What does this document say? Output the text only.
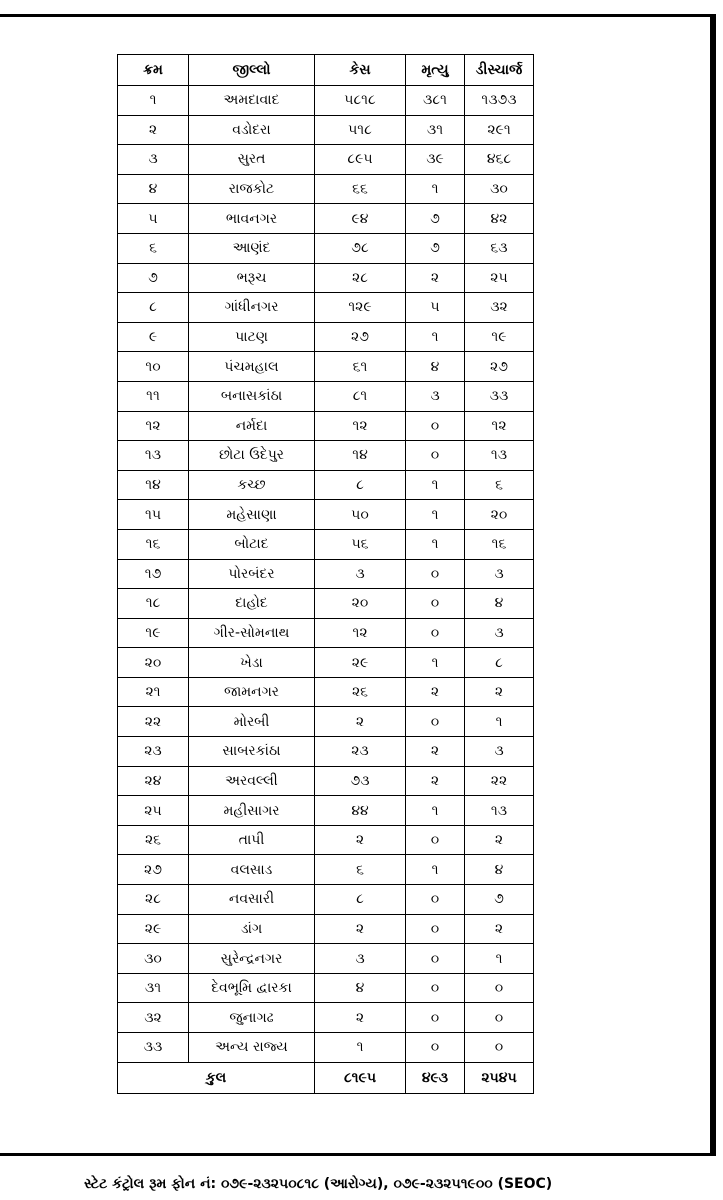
ક્રમ	જીલ્લો	કેસ	મૃત્યુ	ડીસ્ચાર્જ
૧	અમદાવાદ	૫૮૧૮	૩૮૧	૧૩૭૩
૨	વડોદરા	૫૧૮	૩૧	૨૯૧
૩	સુરત	૮૯૫	૩૯	૪૬૮
૪	રાજકોટ	૬૬	૧	૩૦
૫	ભાવનગર	૯૪	૭	૪૨
૬	આણંદ	૭૮	૭	૬૩
૭	ભરૂચ	૨૮	૨	૨૫
૮	ગાંધીનગર	૧૨૯	૫	૩૨
૯	પાટણ	૨૭	૧	૧૯
૧૦	પંચમહાલ	૬૧	૪	૨૭
૧૧	બનાસકાંઠા	૮૧	૩	૩૩
૧૨	નર્મદા	૧૨	૦	૧૨
૧૩	છોટા ઉદેપુર	૧૪	૦	૧૩
૧૪	કચ્છ	૮	૧	૬
૧૫	મહેસાણા	૫૦	૧	૨૦
૧૬	બોટાદ	૫૬	૧	૧૬
૧૭	પોરબંદર	૩	૦	૩
૧૮	દાહોદ	૨૦	૦	૪
૧૯	ગીર-સોમનાથ	૧૨	૦	૩
૨૦	ખેડા	૨૯	૧	૮
૨૧	જામનગર	૨૬	૨	૨
૨૨	મોરબી	૨	૦	૧
૨૩	સાબરકાંઠા	૨૩	૨	૩
૨૪	અરવલ્લી	૭૩	૨	૨૨
૨૫	મહીસાગર	૪૪	૧	૧૩
૨૬	તાપી	૨	૦	૨
૨૭	વલસાડ	૬	૧	૪
૨૮	નવસારી	૮	૦	૭
૨૯	ડાંગ	૨	૦	૨
૩૦	સુરેન્દ્રનગર	૩	૦	૧
૩૧	દેવભૂમિ દ્વારકા	૪	૦	૦
૩૨	જુનાગઢ	૨	૦	૦
૩૩	અન્ય રાજ્ય	૧	૦	૦
કુલ		૮૧૯૫	૪૯૩	૨૫૪૫
સ્ટેટ કંટ્રોલ રૂમ ફોન નં: ૦૭૯-૨૩૨૫૦૮૧૮ (આરોગ્ય), ૦૭૯-૨૩૨૫૧૯૦૦ (SEOC)
